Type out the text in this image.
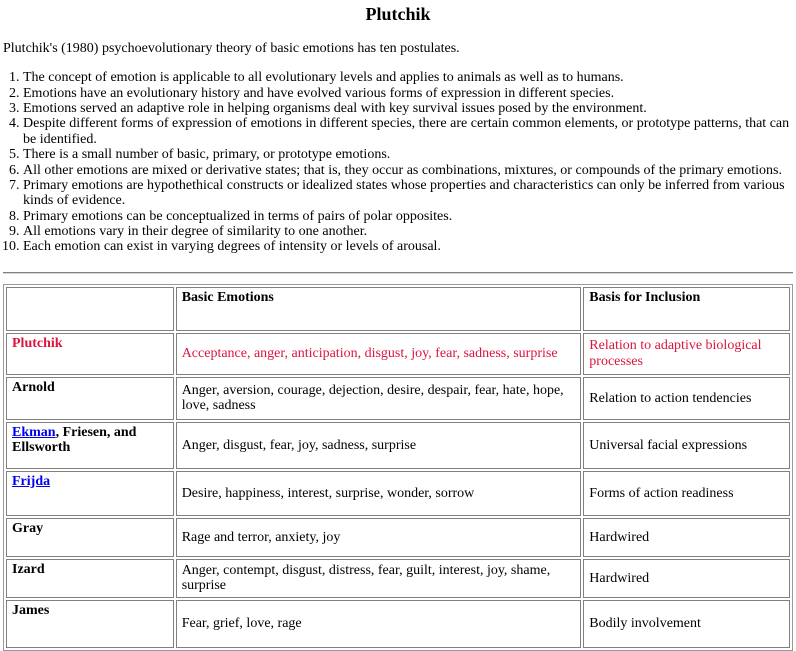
Plutchik

Plutchik's (1980) psychoevolutionary theory of basic emotions has ten postulates.

1. The concept of emotion is applicable to all evolutionary levels and applies to animals as well as to humans.
2. Emotions have an evolutionary history and have evolved various forms of expression in different species.
3. Emotions served an adaptive role in helping organisms deal with key survival issues posed by the environment.
4. Despite different forms of expression of emotions in different species, there are certain common elements, or prototype patterns, that can be identified.
5. There is a small number of basic, primary, or prototype emotions.
6. All other emotions are mixed or derivative states; that is, they occur as combinations, mixtures, or compounds of the primary emotions.
7. Primary emotions are hypothethical constructs or idealized states whose properties and characteristics can only be inferred from various kinds of evidence.
8. Primary emotions can be conceptualized in terms of pairs of polar opposites.
9. All emotions vary in their degree of similarity to one another.
10. Each emotion can exist in varying degrees of intensity or levels of arousal.
	Basic Emotions	Basis for Inclusion
Plutchik	Acceptance, anger, anticipation, disgust, joy, fear, sadness, surprise	Relation to adaptive biological processes
Arnold	Anger, aversion, courage, dejection, desire, despair, fear, hate, hope, love, sadness	Relation to action tendencies
Ekman, Friesen, and Ellsworth	Anger, disgust, fear, joy, sadness, surprise	Universal facial expressions
Frijda	Desire, happiness, interest, surprise, wonder, sorrow	Forms of action readiness
Gray	Rage and terror, anxiety, joy	Hardwired
Izard	Anger, contempt, disgust, distress, fear, guilt, interest, joy, shame, surprise	Hardwired
James	Fear, grief, love, rage	Bodily involvement
